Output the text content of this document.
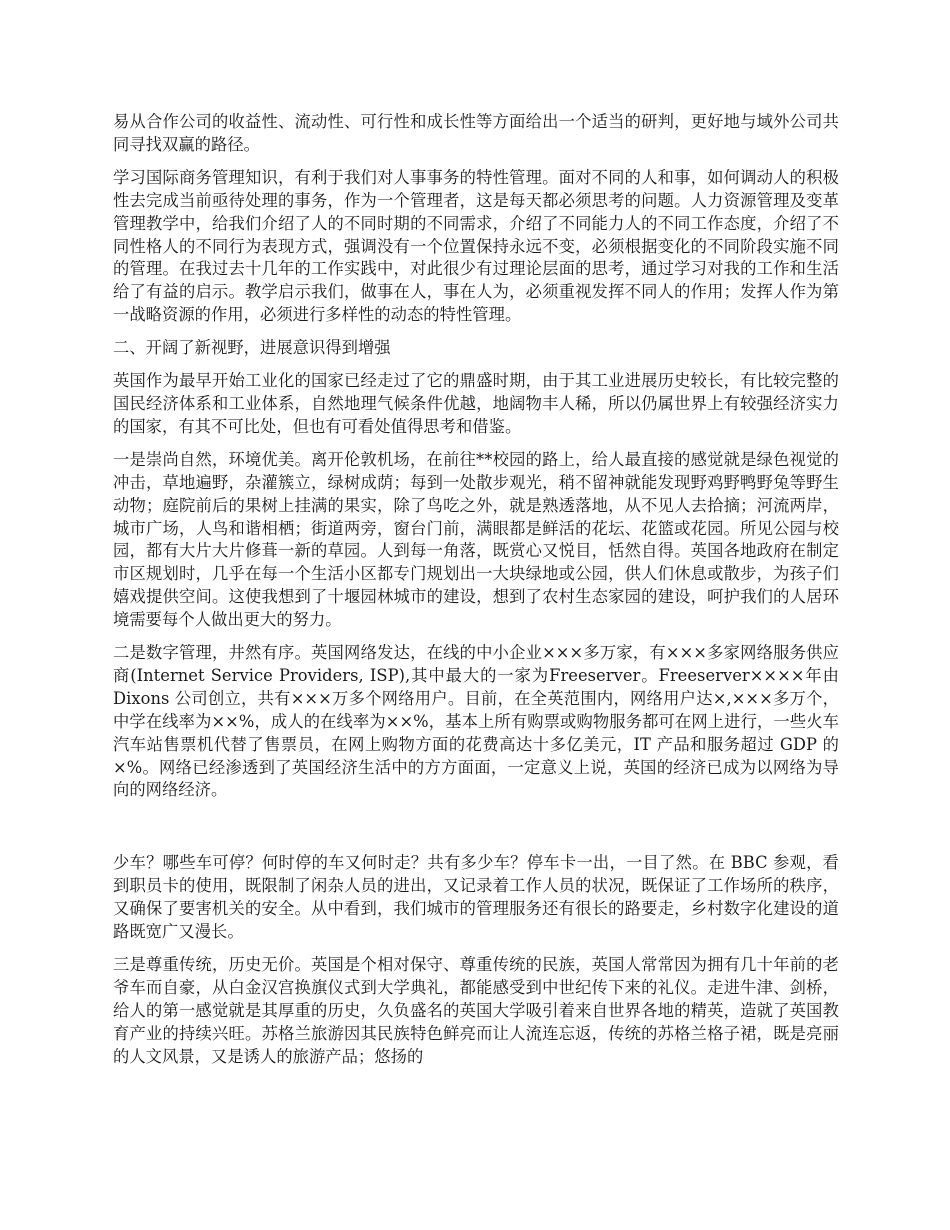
易从合作公司的收益性、流动性、可行性和成长性等方面给出一个适当的研判，更好地与域外公司共同寻找双赢的路径。

学习国际商务管理知识，有利于我们对人事事务的特性管理。面对不同的人和事，如何调动人的积极性去完成当前亟待处理的事务，作为一个管理者，这是每天都必须思考的问题。人力资源管理及变革管理教学中，给我们介绍了人的不同时期的不同需求，介绍了不同能力人的不同工作态度，介绍了不同性格人的不同行为表现方式，强调没有一个位置保持永远不变，必须根据变化的不同阶段实施不同的管理。在我过去十几年的工作实践中，对此很少有过理论层面的思考，通过学习对我的工作和生活给了有益的启示。教学启示我们，做事在人，事在人为，必须重视发挥不同人的作用；发挥人作为第一战略资源的作用，必须进行多样性的动态的特性管理。

二、开阔了新视野，进展意识得到增强

英国作为最早开始工业化的国家已经走过了它的鼎盛时期，由于其工业进展历史较长，有比较完整的国民经济体系和工业体系，自然地理气候条件优越，地阔物丰人稀，所以仍属世界上有较强经济实力的国家，有其不可比处，但也有可看处值得思考和借鉴。

一是崇尚自然，环境优美。离开伦敦机场，在前往**校园的路上，给人最直接的感觉就是绿色视觉的冲击，草地遍野，杂灌簇立，绿树成荫；每到一处散步观光，稍不留神就能发现野鸡野鸭野兔等野生动物；庭院前后的果树上挂满的果实，除了鸟吃之外，就是熟透落地，从不见人去拾摘；河流两岸，城市广场，人鸟和谐相栖；街道两旁，窗台门前，满眼都是鲜活的花坛、花篮或花园。所见公园与校园，都有大片大片修葺一新的草园。人到每一角落，既赏心又悦目，恬然自得。英国各地政府在制定市区规划时，几乎在每一个生活小区都专门规划出一大块绿地或公园，供人们休息或散步，为孩子们嬉戏提供空间。这使我想到了十堰园林城市的建设，想到了农村生态家园的建设，呵护我们的人居环境需要每个人做出更大的努力。

二是数字管理，井然有序。英国网络发达，在线的中小企业×××多万家，有×××多家网络服务供应商(Internet Service Providers, ISP),其中最大的一家为Freeserver。Freeserver××××年由 Dixons 公司创立，共有×××万多个网络用户。目前，在全英范围内，网络用户达×,×××多万个，中学在线率为××%，成人的在线率为××%，基本上所有购票或购物服务都可在网上进行，一些火车汽车站售票机代替了售票员，在网上购物方面的花费高达十多亿美元，IT 产品和服务超过 GDP 的×%。网络已经渗透到了英国经济生活中的方方面面，一定意义上说，英国的经济已成为以网络为导向的网络经济。

少车？哪些车可停？何时停的车又何时走？共有多少车？停车卡一出，一目了然。在 BBC 参观，看到职员卡的使用，既限制了闲杂人员的进出，又记录着工作人员的状况，既保证了工作场所的秩序，又确保了要害机关的安全。从中看到，我们城市的管理服务还有很长的路要走，乡村数字化建设的道路既宽广又漫长。

三是尊重传统，历史无价。英国是个相对保守、尊重传统的民族，英国人常常因为拥有几十年前的老爷车而自豪，从白金汉宫换旗仪式到大学典礼，都能感受到中世纪传下来的礼仪。走进牛津、剑桥，给人的第一感觉就是其厚重的历史，久负盛名的英国大学吸引着来自世界各地的精英，造就了英国教育产业的持续兴旺。苏格兰旅游因其民族特色鲜亮而让人流连忘返，传统的苏格兰格子裙，既是亮丽的人文风景，又是诱人的旅游产品；悠扬的
